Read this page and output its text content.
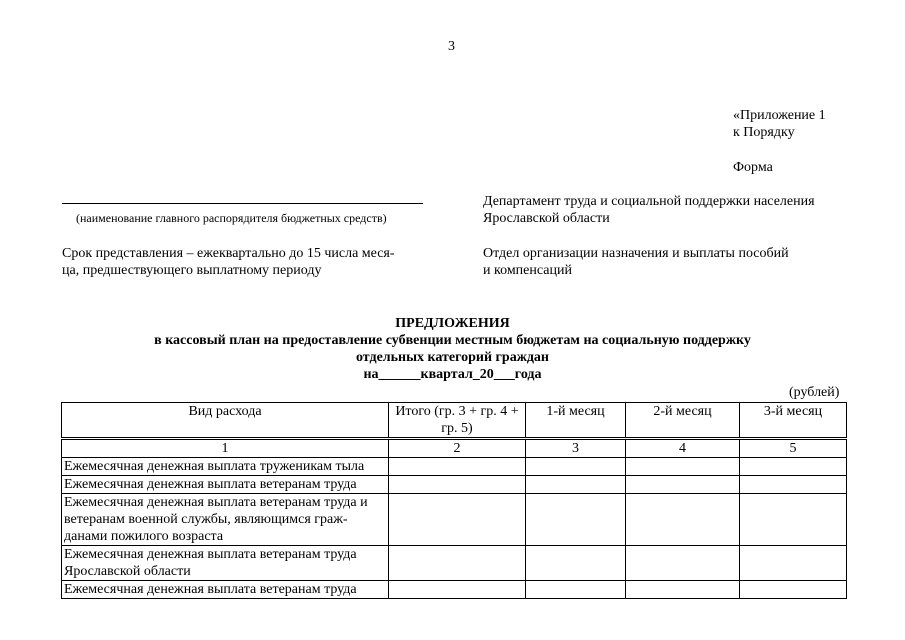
3
«Приложение 1
к Порядку
Форма
(наименование главного распорядителя бюджетных средств)
Департамент труда и социальной поддержки населения
Ярославской области
Срок представления – ежеквартально до 15 числа меся-
ца, предшествующего выплатному периоду
Отдел организации назначения и выплаты пособий
и компенсаций
ПРЕДЛОЖЕНИЯ
в кассовый план на предоставление субвенции местным бюджетам на социальную поддержку
отдельных категорий граждан
на______квартал_20___года
(рублей)
Вид расхода	Итого (гр. 3 + гр. 4 + гр. 5)	1-й месяц	2-й месяц	3-й месяц

1	2	3	4	5
Ежемесячная денежная выплата труженикам тыла				
Ежемесячная денежная выплата ветеранам труда				
Ежемесячная денежная выплата ветеранам труда и ветеранам военной службы, являющимся граж-данами пожилого возраста				
Ежемесячная денежная выплата ветеранам труда Ярославской области				
Ежемесячная денежная выплата ветеранам труда				
